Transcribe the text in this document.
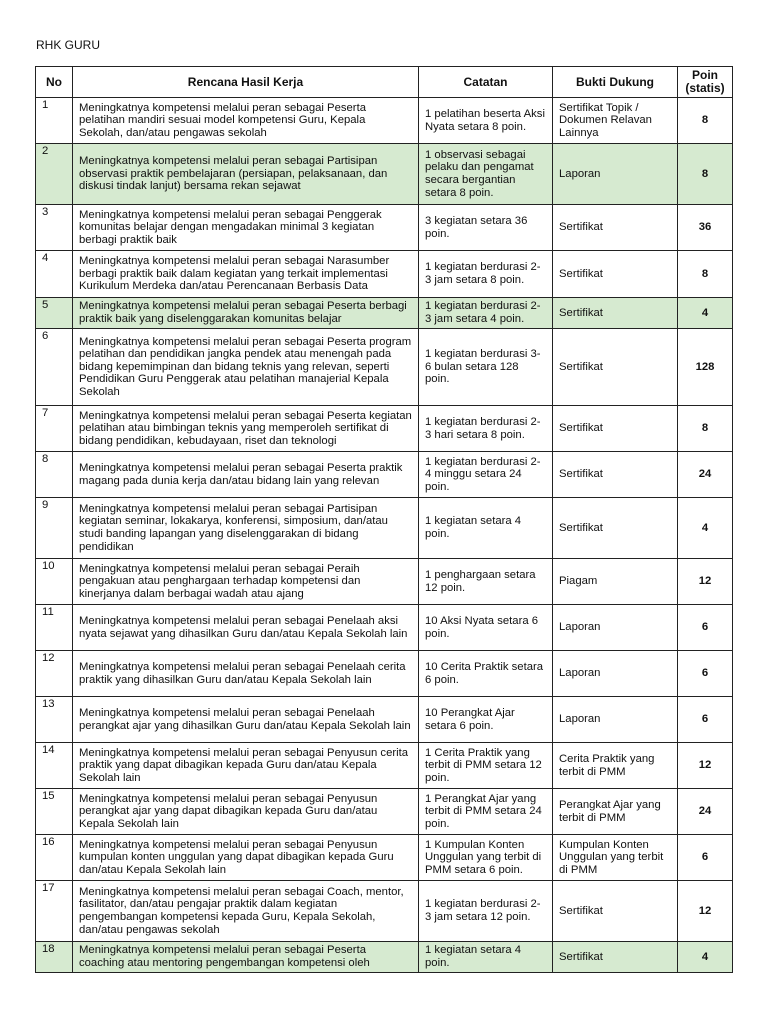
RHK GURU
No	Rencana Hasil Kerja	Catatan	Bukti Dukung	Poin (statis)
1	Meningkatnya kompetensi melalui peran sebagai Peserta pelatihan mandiri sesuai model kompetensi Guru, Kepala Sekolah, dan/atau pengawas sekolah	1 pelatihan beserta Aksi Nyata setara 8 poin.	Sertifikat Topik / Dokumen Relavan Lainnya	8
2	Meningkatnya kompetensi melalui peran sebagai Partisipan observasi praktik pembelajaran (persiapan, pelaksanaan, dan diskusi tindak lanjut) bersama rekan sejawat	1 observasi sebagai pelaku dan pengamat secara bergantian setara 8 poin.	Laporan	8
3	Meningkatnya kompetensi melalui peran sebagai Penggerak komunitas belajar dengan mengadakan minimal 3 kegiatan berbagi praktik baik	3 kegiatan setara 36 poin.	Sertifikat	36
4	Meningkatnya kompetensi melalui peran sebagai Narasumber berbagi praktik baik dalam kegiatan yang terkait implementasi Kurikulum Merdeka dan/atau Perencanaan Berbasis Data	1 kegiatan berdurasi 2-3 jam setara 8 poin.	Sertifikat	8
5	Meningkatnya kompetensi melalui peran sebagai Peserta berbagi praktik baik yang diselenggarakan komunitas belajar	1 kegiatan berdurasi 2-3 jam setara 4 poin.	Sertifikat	4
6	Meningkatnya kompetensi melalui peran sebagai Peserta program pelatihan dan pendidikan jangka pendek atau menengah pada bidang kepemimpinan dan bidang teknis yang relevan, seperti Pendidikan Guru Penggerak atau pelatihan manajerial Kepala Sekolah	1 kegiatan berdurasi 3-6 bulan setara 128 poin.	Sertifikat	128
7	Meningkatnya kompetensi melalui peran sebagai Peserta kegiatan pelatihan atau bimbingan teknis yang memperoleh sertifikat di bidang pendidikan, kebudayaan, riset dan teknologi	1 kegiatan berdurasi 2-3 hari setara 8 poin.	Sertifikat	8
8	Meningkatnya kompetensi melalui peran sebagai Peserta praktik magang pada dunia kerja dan/atau bidang lain yang relevan	1 kegiatan berdurasi 2-4 minggu setara 24 poin.	Sertifikat	24
9	Meningkatnya kompetensi melalui peran sebagai Partisipan kegiatan seminar, lokakarya, konferensi, simposium, dan/atau studi banding lapangan yang diselenggarakan di bidang pendidikan	1 kegiatan setara 4 poin.	Sertifikat	4
10	Meningkatnya kompetensi melalui peran sebagai Peraih pengakuan atau penghargaan terhadap kompetensi dan kinerjanya dalam berbagai wadah atau ajang	1 penghargaan setara 12 poin.	Piagam	12
11	Meningkatnya kompetensi melalui peran sebagai Penelaah aksi nyata sejawat yang dihasilkan Guru dan/atau Kepala Sekolah lain	10 Aksi Nyata setara 6 poin.	Laporan	6
12	Meningkatnya kompetensi melalui peran sebagai Penelaah cerita praktik yang dihasilkan Guru dan/atau Kepala Sekolah lain	10 Cerita Praktik setara 6 poin.	Laporan	6
13	Meningkatnya kompetensi melalui peran sebagai Penelaah perangkat ajar yang dihasilkan Guru dan/atau Kepala Sekolah lain	10 Perangkat Ajar setara 6 poin.	Laporan	6
14	Meningkatnya kompetensi melalui peran sebagai Penyusun cerita praktik yang dapat dibagikan kepada Guru dan/atau Kepala Sekolah lain	1 Cerita Praktik yang terbit di PMM setara 12 poin.	Cerita Praktik yang terbit di PMM	12
15	Meningkatnya kompetensi melalui peran sebagai Penyusun perangkat ajar yang dapat dibagikan kepada Guru dan/atau Kepala Sekolah lain	1 Perangkat Ajar yang terbit di PMM setara 24 poin.	Perangkat Ajar yang terbit di PMM	24
16	Meningkatnya kompetensi melalui peran sebagai Penyusun kumpulan konten unggulan yang dapat dibagikan kepada Guru dan/atau Kepala Sekolah lain	1 Kumpulan Konten Unggulan yang terbit di PMM setara 6 poin.	Kumpulan Konten Unggulan yang terbit di PMM	6
17	Meningkatnya kompetensi melalui peran sebagai Coach, mentor, fasilitator, dan/atau pengajar praktik dalam kegiatan pengembangan kompetensi kepada Guru, Kepala Sekolah, dan/atau pengawas sekolah	1 kegiatan berdurasi 2-3 jam setara 12 poin.	Sertifikat	12
18	Meningkatnya kompetensi melalui peran sebagai Peserta coaching atau mentoring pengembangan kompetensi oleh	1 kegiatan setara 4 poin.	Sertifikat	4
